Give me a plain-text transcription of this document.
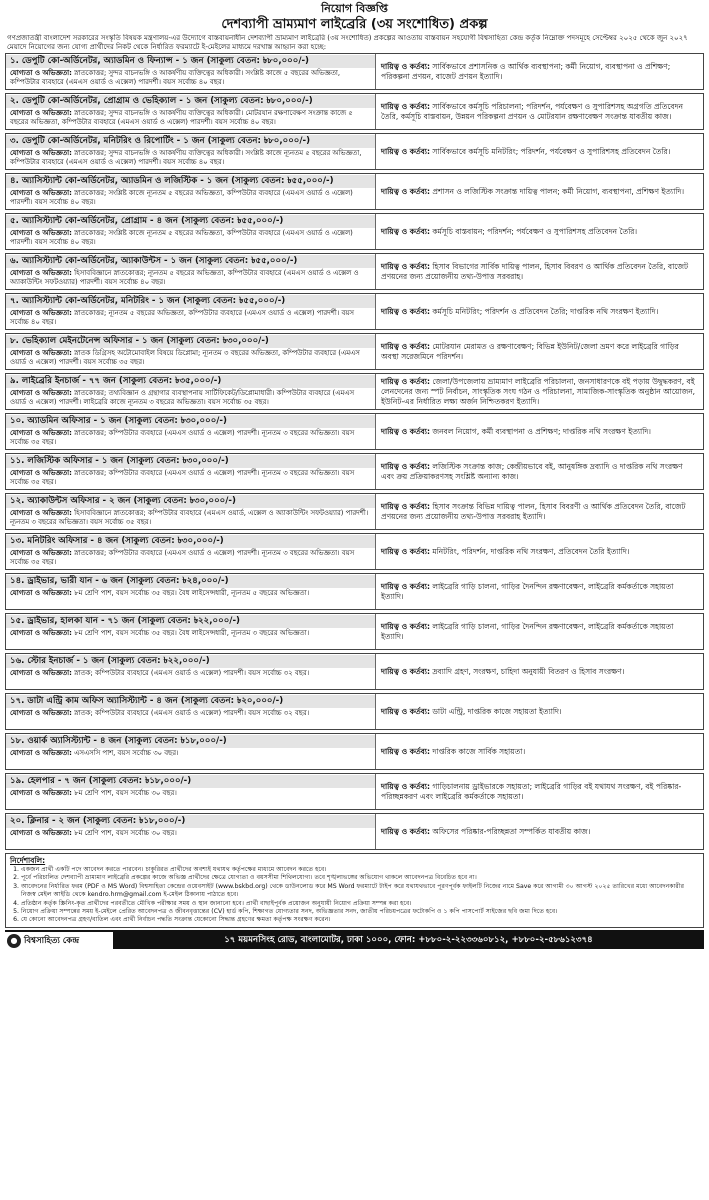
নিয়োগ বিজ্ঞপ্তি
দেশব্যাপী ভ্রাম্যমাণ লাইব্রেরি (৩য় সংশোধিত) প্রকল্প
গণপ্রজাতন্ত্রী বাংলাদেশ সরকারের সংস্কৃতি বিষয়ক মন্ত্রণালয়-এর উদ্যোগে বাস্তবায়নাধীন দেশব্যাপী ভ্রাম্যমাণ লাইব্রেরি (৩য় সংশোধিত) প্রকল্পের আওতায় বাস্তবায়ন সহযোগী বিশ্বসাহিত্য কেন্দ্র কর্তৃক নিম্নোক্ত পদসমূহে সেপ্টেম্বর ২০২৫ থেকে জুন ২০২৭ মেয়াদে নিয়োগের জন্য যোগ্য প্রার্থীদের নিকট থেকে নির্ধারিত ফরম্যাটে ই-মেইলের মাধ্যমে দরখাস্ত আহ্বান করা হচ্ছে:
১. ডেপুটি কো-অর্ডিনেটর, অ্যাডমিন ও ফিন্যান্স - ১ জন (সাকুল্য বেতন: ৳৮০,০০০/-)
যোগ্যতা ও অভিজ্ঞতা: স্নাতকোত্তর; সুন্দর বাচনভঙ্গি ও আকর্ষণীয় ব্যক্তিত্বের অধিকারী। সংশ্লিষ্ট কাজে ৫ বছরের অভিজ্ঞতা, কম্পিউটার ব্যবহারে (এমএস ওয়ার্ড ও এক্সেল) পারদর্শী। বয়স সর্বোচ্চ ৪০ বছর।
দায়িত্ব ও কর্তব্য: সার্বিকভাবে প্রশাসনিক ও আর্থিক ব্যবস্থাপনা; কর্মী নিয়োগ, ব্যবস্থাপনা ও প্রশিক্ষণ; পরিকল্পনা প্রণয়ন, বাজেট প্রণয়ন ইত্যাদি।
২. ডেপুটি কো-অর্ডিনেটর, প্রোগ্রাম ও ভেহিক্যাল - ১ জন (সাকুল্য বেতন: ৳৮০,০০০/-)
যোগ্যতা ও অভিজ্ঞতা: স্নাতকোত্তর; সুন্দর বাচনভঙ্গি ও আকর্ষণীয় ব্যক্তিত্বের অধিকারী। মোটরযান রক্ষণাবেক্ষণ সংক্রান্ত কাজে ৫ বছরের অভিজ্ঞতা, কম্পিউটার ব্যবহারে (এমএস ওয়ার্ড ও এক্সেল) পারদর্শী। বয়স সর্বোচ্চ ৪০ বছর।
দায়িত্ব ও কর্তব্য: সার্বিকভাবে কর্মসূচি পরিচালনা; পরিদর্শন, পর্যবেক্ষণ ও সুপারিশসহ অগ্রগতি প্রতিবেদন তৈরি, কর্মসূচি বাস্তবায়ন, উন্নয়ন পরিকল্পনা প্রণয়ন ও মোটরযান রক্ষণাবেক্ষণ সংক্রান্ত যাবতীয় কাজ।
৩. ডেপুটি কো-অর্ডিনেটর, মনিটরিং ও রিপোর্টিং - ১ জন (সাকুল্য বেতন: ৳৮০,০০০/-)
যোগ্যতা ও অভিজ্ঞতা: স্নাতকোত্তর; সুন্দর বাচনভঙ্গি ও আকর্ষণীয় ব্যক্তিত্বের অধিকারী। সংশ্লিষ্ট কাজে ন্যূনতম ৫ বছরের অভিজ্ঞতা, কম্পিউটার ব্যবহারে (এমএস ওয়ার্ড ও এক্সেল) পারদর্শী। বয়স সর্বোচ্চ ৪০ বছর।
দায়িত্ব ও কর্তব্য: সার্বিকভাবে কর্মসূচি মনিটরিং; পরিদর্শন, পর্যবেক্ষণ ও সুপারিশসহ প্রতিবেদন তৈরি।
৪. অ্যাসিস্ট্যান্ট কো-অর্ডিনেটর, অ্যাডমিন ও লজিস্টিক - ১ জন (সাকুল্য বেতন: ৳৫৫,০০০/-)
যোগ্যতা ও অভিজ্ঞতা: স্নাতকোত্তর; সংশ্লিষ্ট কাজে ন্যূনতম ৫ বছরের অভিজ্ঞতা, কম্পিউটার ব্যবহারে (এমএস ওয়ার্ড ও এক্সেল) পারদর্শী। বয়স সর্বোচ্চ ৪০ বছর।
দায়িত্ব ও কর্তব্য: প্রশাসন ও লজিস্টিক সংক্রান্ত দায়িত্ব পালন; কর্মী নিয়োগ, ব্যবস্থাপনা, প্রশিক্ষণ ইত্যাদি।
৫. অ্যাসিস্ট্যান্ট কো-অর্ডিনেটর, প্রোগ্রাম - ৪ জন (সাকুল্য বেতন: ৳৫৫,০০০/-)
যোগ্যতা ও অভিজ্ঞতা: স্নাতকোত্তর; সংশ্লিষ্ট কাজে ন্যূনতম ৫ বছরের অভিজ্ঞতা, কম্পিউটার ব্যবহারে (এমএস ওয়ার্ড ও এক্সেল) পারদর্শী। বয়স সর্বোচ্চ ৪০ বছর।
দায়িত্ব ও কর্তব্য: কর্মসূচি বাস্তবায়ন; পরিদর্শন; পর্যবেক্ষণ ও সুপারিশসহ প্রতিবেদন তৈরি।
৬. অ্যাসিস্ট্যান্ট কো-অর্ডিনেটর, অ্যাকাউন্টস - ১ জন (সাকুল্য বেতন: ৳৫৫,০০০/-)
যোগ্যতা ও অভিজ্ঞতা: হিসাববিজ্ঞানে স্নাতকোত্তর; ন্যূনতম ৫ বছরের অভিজ্ঞতা, কম্পিউটার ব্যবহারে (এমএস ওয়ার্ড ও এক্সেল ও অ্যাকাউন্টিং সফটওয়্যার) পারদর্শী। বয়স সর্বোচ্চ ৪০ বছর।
দায়িত্ব ও কর্তব্য: হিসাব বিভাগের সার্বিক দায়িত্ব পালন, হিসাব বিবরণ ও আর্থিক প্রতিবেদন তৈরি, বাজেট প্রণয়নের জন্য প্রয়োজনীয় তথ্য-উপাত্ত সরবরাহ।
৭. অ্যাসিস্ট্যান্ট কো-অর্ডিনেটর, মনিটরিং - ১ জন (সাকুল্য বেতন: ৳৫৫,০০০/-)
যোগ্যতা ও অভিজ্ঞতা: স্নাতকোত্তর; ন্যূনতম ৫ বছরের অভিজ্ঞতা, কম্পিউটার ব্যবহারে (এমএস ওয়ার্ড ও এক্সেল) পারদর্শী। বয়স সর্বোচ্চ ৪০ বছর।
দায়িত্ব ও কর্তব্য: কর্মসূচি মনিটরিং; পরিদর্শন ও প্রতিবেদন তৈরি; দাপ্তরিক নথি সংরক্ষণ ইত্যাদি।
৮. ভেহিক্যাল মেইনটেনেন্স অফিসার - ১ জন (সাকুল্য বেতন: ৳৩০,০০০/-)
যোগ্যতা ও অভিজ্ঞতা: স্নাতক ডিগ্রিসহ অটোমোবাইল বিষয়ে ডিপ্লোমা; ন্যূনতম ৩ বছরের অভিজ্ঞতা, কম্পিউটার ব্যবহারে (এমএস ওয়ার্ড ও এক্সেল) পারদর্শী। বয়স সর্বোচ্চ ৩৫ বছর।
দায়িত্ব ও কর্তব্য: মোটরযান মেরামত ও রক্ষণাবেক্ষণ; বিভিন্ন ইউনিট/জেলা ভ্রমণ করে লাইব্রেরি গাড়ির অবস্থা সরেজমিনে পরিদর্শন।
৯. লাইব্রেরি ইনচার্জ - ৭৭ জন (সাকুল্য বেতন: ৳৩৫,০০০/-)
যোগ্যতা ও অভিজ্ঞতা: স্নাতকোত্তর; তথ্যবিজ্ঞান ও গ্রন্থাগার ব্যবস্থাপনায় সার্টিফিকেট/ডিপ্লোমাধারী। কম্পিউটার ব্যবহারে (এমএস ওয়ার্ড ও এক্সেল) পারদর্শী। লাইব্রেরি কাজে ন্যূনতম ৩ বছরের অভিজ্ঞতা। বয়স সর্বোচ্চ ৩৫ বছর।
দায়িত্ব ও কর্তব্য: জেলা/উপজেলায় ভ্রাম্যমাণ লাইব্রেরি পরিচালনা, জনসাধারণকে বই পড়ায় উদ্বুদ্ধকরণ, বই লেনদেনের জন্য স্পট নির্বাচন, সাংস্কৃতিক সংঘ গঠন ও পরিচালনা, সামাজিক-সাংস্কৃতিক অনুষ্ঠান আয়োজন, ইউনিট-এর নির্ধারিত লক্ষ্য অর্জন নিশ্চিতকরণ ইত্যাদি।
১০. অ্যাডমিন অফিসার - ১ জন (সাকুল্য বেতন: ৳৩০,০০০/-)
যোগ্যতা ও অভিজ্ঞতা: স্নাতকোত্তর; কম্পিউটার ব্যবহারে (এমএস ওয়ার্ড ও এক্সেল) পারদর্শী। ন্যূনতম ৩ বছরের অভিজ্ঞতা। বয়স সর্বোচ্চ ৩৫ বছর।
দায়িত্ব ও কর্তব্য: জনবল নিয়োগ, কর্মী ব্যবস্থাপনা ও প্রশিক্ষণ; দাপ্তরিক নথি সংরক্ষণ ইত্যাদি।
১১. লজিস্টিক অফিসার - ১ জন (সাকুল্য বেতন: ৳৩০,০০০/-)
যোগ্যতা ও অভিজ্ঞতা: স্নাতকোত্তর; কম্পিউটার ব্যবহারে (এমএস ওয়ার্ড ও এক্সেল) পারদর্শী। ন্যূনতম ৩ বছরের অভিজ্ঞতা। বয়স সর্বোচ্চ ৩৫ বছর।
দায়িত্ব ও কর্তব্য: লজিস্টিক সংক্রান্ত কাজ; কেন্দ্রীয়ভাবে বই, আনুষঙ্গিক দ্রব্যাদি ও দাপ্তরিক নথি সংরক্ষণ এবং ক্রয় প্রক্রিয়াকরণসহ সংশ্লিষ্ট অন্যান্য কাজ।
১২. অ্যাকাউন্টস অফিসার - ২ জন (সাকুল্য বেতন: ৳৩০,০০০/-)
যোগ্যতা ও অভিজ্ঞতা: হিসাববিজ্ঞানে স্নাতকোত্তর; কম্পিউটার ব্যবহারে (এমএস ওয়ার্ড, এক্সেল ও অ্যাকাউন্টিং সফটওয়্যার) পারদর্শী। ন্যূনতম ৩ বছরের অভিজ্ঞতা। বয়স সর্বোচ্চ ৩৫ বছর।
দায়িত্ব ও কর্তব্য: হিসাব সংক্রান্ত বিভিন্ন দায়িত্ব পালন, হিসাব বিবরণী ও আর্থিক প্রতিবেদন তৈরি, বাজেট প্রণয়নের জন্য প্রয়োজনীয় তথ্য-উপাত্ত সরবরাহ ইত্যাদি।
১৩. মনিটরিং অফিসার - ৪ জন (সাকুল্য বেতন: ৳৩০,০০০/-)
যোগ্যতা ও অভিজ্ঞতা: স্নাতকোত্তর; কম্পিউটার ব্যবহারে (এমএস ওয়ার্ড ও এক্সেল) পারদর্শী। ন্যূনতম ৩ বছরের অভিজ্ঞতা। বয়স সর্বোচ্চ ৩৫ বছর।
দায়িত্ব ও কর্তব্য: মনিটরিং, পরিদর্শন, দাপ্তরিক নথি সংরক্ষণ, প্রতিবেদন তৈরি ইত্যাদি।
১৪. ড্রাইভার, ভারী যান - ৬ জন (সাকুল্য বেতন: ৳২৪,০০০/-)
যোগ্যতা ও অভিজ্ঞতা: ৮ম শ্রেণি পাশ, বয়স সর্বোচ্চ ৩৫ বছর। বৈধ লাইসেন্সধারী, ন্যূনতম ৫ বছরের অভিজ্ঞতা।
দায়িত্ব ও কর্তব্য: লাইব্রেরি গাড়ি চালনা, গাড়ির দৈনন্দিন রক্ষণাবেক্ষণ, লাইব্রেরি কর্মকর্তাকে সহায়তা ইত্যাদি।
১৫. ড্রাইভার, হালকা যান - ৭১ জন (সাকুল্য বেতন: ৳২২,০০০/-)
যোগ্যতা ও অভিজ্ঞতা: ৮ম শ্রেণি পাশ, বয়স সর্বোচ্চ ৩৫ বছর। বৈধ লাইসেন্সধারী, ন্যূনতম ৩ বছরের অভিজ্ঞতা।
দায়িত্ব ও কর্তব্য: লাইব্রেরি গাড়ি চালনা, গাড়ির দৈনন্দিন রক্ষণাবেক্ষণ, লাইব্রেরি কর্মকর্তাকে সহায়তা ইত্যাদি।
১৬. স্টোর ইনচার্জ - ১ জন (সাকুল্য বেতন: ৳২২,০০০/-)
যোগ্যতা ও অভিজ্ঞতা: স্নাতক; কম্পিউটার ব্যবহারে (এমএস ওয়ার্ড ও এক্সেল) পারদর্শী। বয়স সর্বোচ্চ ৩২ বছর।	দায়িত্ব ও কর্তব্য: দ্রব্যাদি গ্রহণ, সংরক্ষণ, চাহিদা অনুযায়ী বিতরণ ও হিসাব সংরক্ষণ।
১৭. ডাটা এন্ট্রি কাম অফিস অ্যাসিস্ট্যান্ট - ৪ জন (সাকুল্য বেতন: ৳২০,০০০/-)
যোগ্যতা ও অভিজ্ঞতা: স্নাতক; কম্পিউটার ব্যবহারে (এমএস ওয়ার্ড ও এক্সেল) পারদর্শী। বয়স সর্বোচ্চ ৩২ বছর।	দায়িত্ব ও কর্তব্য: ডাটা এন্ট্রি, দাপ্তরিক কাজে সহায়তা ইত্যাদি।
১৮. ওয়ার্ক অ্যাসিস্ট্যান্ট - ৪ জন (সাকুল্য বেতন: ৳১৮,০০০/-)
যোগ্যতা ও অভিজ্ঞতা: এসএসসি পাশ, বয়স সর্বোচ্চ ৩০ বছর।	দায়িত্ব ও কর্তব্য: দাপ্তরিক কাজে সার্বিক সহায়তা।
১৯. হেলপার - ৭ জন (সাকুল্য বেতন: ৳১৮,০০০/-)
যোগ্যতা ও অভিজ্ঞতা: ৮ম শ্রেণি পাশ, বয়স সর্বোচ্চ ৩০ বছর।
দায়িত্ব ও কর্তব্য: গাড়িচালনায় ড্রাইভারকে সহায়তা; লাইব্রেরি গাড়ির বই যথাযথ সংরক্ষণ, বই পরিষ্কার-পরিচ্ছন্নকরণ এবং লাইব্রেরি কর্মকর্তাকে সহায়তা।
২০. ক্লিনার - ২ জন (সাকুল্য বেতন: ৳১৮,০০০/-)
যোগ্যতা ও অভিজ্ঞতা: ৮ম শ্রেণি পাশ, বয়স সর্বোচ্চ ৩০ বছর।	দায়িত্ব ও কর্তব্য: অফিসের পরিষ্কার-পরিচ্ছন্নতা সম্পর্কিত যাবতীয় কাজ।
নির্দেশাবলি:
1. একজন প্রার্থী একটি পদে আবেদন করতে পারবেন। চাকুরিরত প্রার্থীদের অবশ্যই যথাযথ কর্তৃপক্ষের মাধ্যমে আবেদন করতে হবে।
2. পূর্বে পরিচালিত দেশব্যাপী ভ্রাম্যমাণ লাইব্রেরি প্রকল্পের কাজে অভিজ্ঞ প্রার্থীদের ক্ষেত্রে যোগ্যতা ও বয়সসীমা শিথিলযোগ্য। তবে শৃঙ্খলাভঙ্গের অভিযোগ থাকলে আবেদনপত্র বিবেচিত হবে না।
3. আবেদনের নির্ধারিত ফরম (PDF ও MS Word) বিশ্বসাহিত্য কেন্দ্রের ওয়েবসাইট (www.bskbd.org) থেকে ডাউনলোড করে MS Word ফরম্যাটে টাইপ করে যথাযথভাবে পূরণপূর্বক ফাইলটি নিজের নামে Save করে আগামী ৩০ আগস্ট ২০২৫ তারিখের মধ্যে আবেদনকারীর নিজস্ব মেইল আইডি থেকে kendro.hrm@gmail.com ই-মেইল ঠিকানায় পাঠাতে হবে।
4. প্রতিষ্ঠান কর্তৃক স্ক্রিনিং-কৃত প্রার্থীদের পরবর্তীতে মৌখিক পরীক্ষার সময় ও স্থান জানানো হবে। প্রার্থী বাছাইপূর্বক প্রয়োজন অনুযায়ী নিয়োগ প্রক্রিয়া সম্পন্ন করা হবে।
5. নিয়োগ প্রক্রিয়া সম্পন্নের সময় ই-মেইলে প্রেরিত আবেদনপত্র ও জীবনবৃত্তান্তের (CV) হার্ড কপি, শিক্ষাগত যোগ্যতার সনদ, অভিজ্ঞতার সনদ, জাতীয় পরিচয়পত্রের ফটোকপি ও ১ কপি পাসপোর্ট সাইজের ছবি জমা দিতে হবে।
6. যে কোনো আবেদনপত্র গ্রহণ/বাতিল এবং প্রার্থী নির্বাচন পদ্ধতি সংক্রান্ত যেকোনো সিদ্ধান্ত গ্রহণের ক্ষমতা কর্তৃপক্ষ সংরক্ষণ করেন।
● বিশ্বসাহিত্য কেন্দ্র	১৭ ময়মনসিংহ রোড, বাংলামোটর, ঢাকা ১০০০, ফোন: +৮৮০-২-২২৩৩৬০৮১২, +৮৮০-২-৫৮৬১২৩৭৪
